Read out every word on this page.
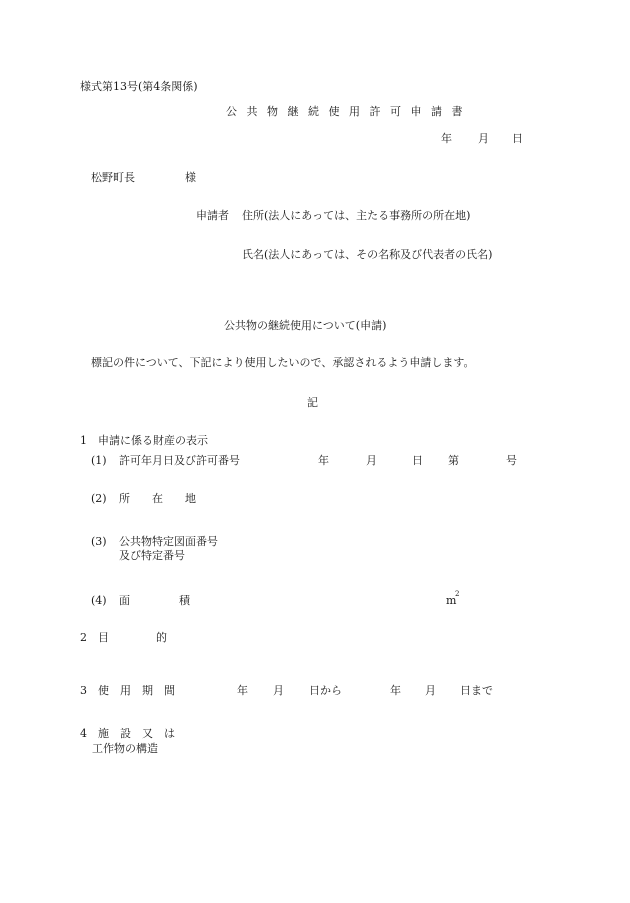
様式第13号(第4条関係)
公 共 物 継 続 使 用 許 可 申 請 書
年 月 日
松野町長	様
申請者 住所(法人にあっては、主たる事務所の所在地)
氏名(法人にあっては、その名称及び代表者の氏名)
公共物の継続使用について(申請)
標記の件について、下記により使用したいので、承認されるよう申請します。
記
1　申請に係る財産の表示
(1) 許可年月日及び許可番号	年	月	日 第	号
(2) 所　　在　　地
(3) 公共物特定図面番号
及び特定番号
(4) 面	積	m
2
2 目	的
3 使　用　期　間	年 月 日から	年 月 日まで
4 施　設　又　は
工作物の構造
